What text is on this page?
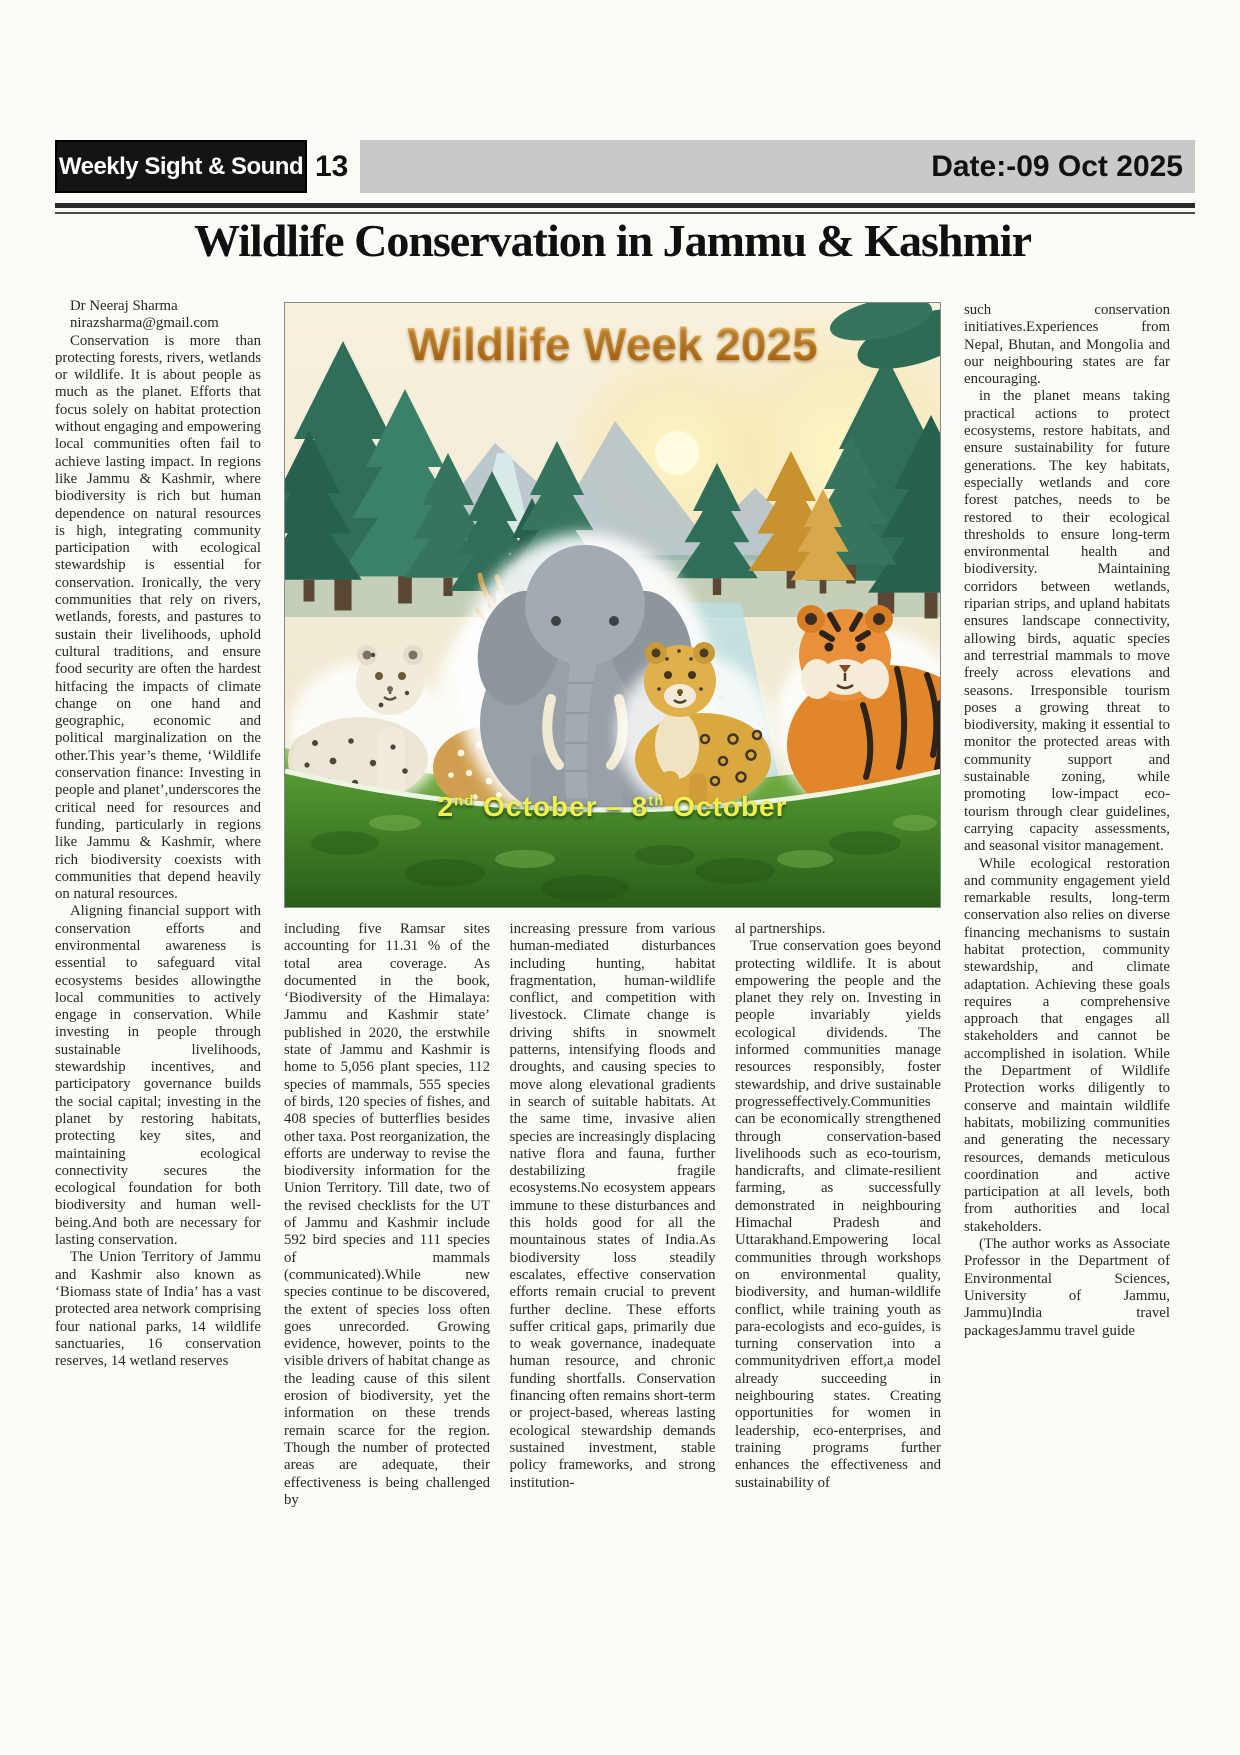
Weekly Sight & Sound 13	Date:-09 Oct 2025
Wildlife Conservation in Jammu & Kashmir

Dr Neeraj Sharma

nirazsharma@gmail.com

Conservation is more than protecting forests, rivers, wetlands or wildlife. It is about people as much as the planet. Efforts that focus solely on habitat protection without engaging and empowering local communities often fail to achieve lasting impact. In regions like Jammu & Kashmir, where biodiversity is rich but human dependence on natural resources is high, integrating community participation with ecological stewardship is essential for conservation. Ironically, the very communities that rely on rivers, wetlands, forests, and pastures to sustain their livelihoods, uphold cultural traditions, and ensure food security are often the hardest hitfacing the impacts of climate change on one hand and geographic, economic and political marginalization on the other.This year’s theme, ‘Wildlife conservation finance: Investing in people and planet’,underscores the critical need for resources and funding, particularly in regions like Jammu & Kashmir, where rich biodiversity coexists with communities that depend heavily on natural resources.

Aligning financial support with conservation efforts and environmental awareness is essential to safeguard vital ecosystems besides allowingthe local communities to actively engage in conservation. While investing in people through sustainable livelihoods, stewardship incentives, and participatory governance builds the social capital; investing in the planet by restoring habitats, protecting key sites, and maintaining ecological connectivity secures the ecological foundation for both biodiversity and human well-being.And both are necessary for lasting conservation.

The Union Territory of Jammu and Kashmir also known as ‘Biomass state of India’ has a vast protected area network comprising four national parks, 14 wildlife sanctuaries, 16 conservation reserves, 14 wetland reserves

Wildlife Week 2025
2nd October – 8th October

including five Ramsar sites accounting for 11.31 % of the total area coverage. As documented in the book, ‘Biodiversity of the Himalaya: Jammu and Kashmir state’ published in 2020, the erstwhile state of Jammu and Kashmir is home to 5,056 plant species, 112 species of mammals, 555 species of birds, 120 species of fishes, and 408 species of butterflies besides other taxa. Post reorganization, the efforts are underway to revise the biodiversity information for the Union Territory. Till date, two of the revised checklists for the UT of Jammu and Kashmir include 592 bird species and 111 species of mammals (communicated).While new species continue to be discovered, the extent of species loss often goes unrecorded. Growing evidence, however, points to the visible drivers of habitat change as the leading cause of this silent erosion of biodiversity, yet the information on these trends remain scarce for the region. Though the number of protected areas are adequate, their effectiveness is being challenged by

increasing pressure from various human-mediated disturbances including hunting, habitat fragmentation, human-wildlife conflict, and competition with livestock. Climate change is driving shifts in snowmelt patterns, intensifying floods and droughts, and causing species to move along elevational gradients in search of suitable habitats. At the same time, invasive alien species are increasingly displacing native flora and fauna, further destabilizing fragile ecosystems.No ecosystem appears immune to these disturbances and this holds good for all the mountainous states of India.As biodiversity loss steadily escalates, effective conservation efforts remain crucial to prevent further decline. These efforts suffer critical gaps, primarily due to weak governance, inadequate human resource, and chronic funding shortfalls. Conservation financing often remains short-term or project-based, whereas lasting ecological stewardship demands sustained investment, stable policy frameworks, and strong institution-

al partnerships.

True conservation goes beyond protecting wildlife. It is about empowering the people and the planet they rely on. Investing in people invariably yields ecological dividends. The informed communities manage resources responsibly, foster stewardship, and drive sustainable progresseffectively.Communities can be economically strengthened through conservation-based livelihoods such as eco-tourism, handicrafts, and climate-resilient farming, as successfully demonstrated in neighbouring Himachal Pradesh and Uttarakhand.Empowering local communities through workshops on environmental quality, biodiversity, and human-wildlife conflict, while training youth as para-ecologists and eco-guides, is turning conservation into a communitydriven effort,a model already succeeding in neighbouring states. Creating opportunities for women in leadership, eco-enterprises, and training programs further enhances the effectiveness and sustainability of

such conservation initiatives.Experiences from Nepal, Bhutan, and Mongolia and our neighbouring states are far encouraging.

in the planet means taking practical actions to protect ecosystems, restore habitats, and ensure sustainability for future generations. The key habitats, especially wetlands and core forest patches, needs to be restored to their ecological thresholds to ensure long-term environmental health and biodiversity. Maintaining corridors between wetlands, riparian strips, and upland habitats ensures landscape connectivity, allowing birds, aquatic species and terrestrial mammals to move freely across elevations and seasons. Irresponsible tourism poses a growing threat to biodiversity, making it essential to monitor the protected areas with community support and sustainable zoning, while promoting low-impact eco-tourism through clear guidelines, carrying capacity assessments, and seasonal visitor management.

While ecological restoration and community engagement yield remarkable results, long-term conservation also relies on diverse financing mechanisms to sustain habitat protection, community stewardship, and climate adaptation. Achieving these goals requires a comprehensive approach that engages all stakeholders and cannot be accomplished in isolation. While the Department of Wildlife Protection works diligently to conserve and maintain wildlife habitats, mobilizing communities and generating the necessary resources, demands meticulous coordination and active participation at all levels, both from authorities and local stakeholders.

(The author works as Associate Professor in the Department of Environmental Sciences, University of Jammu, Jammu)India travel packagesJammu travel guide
